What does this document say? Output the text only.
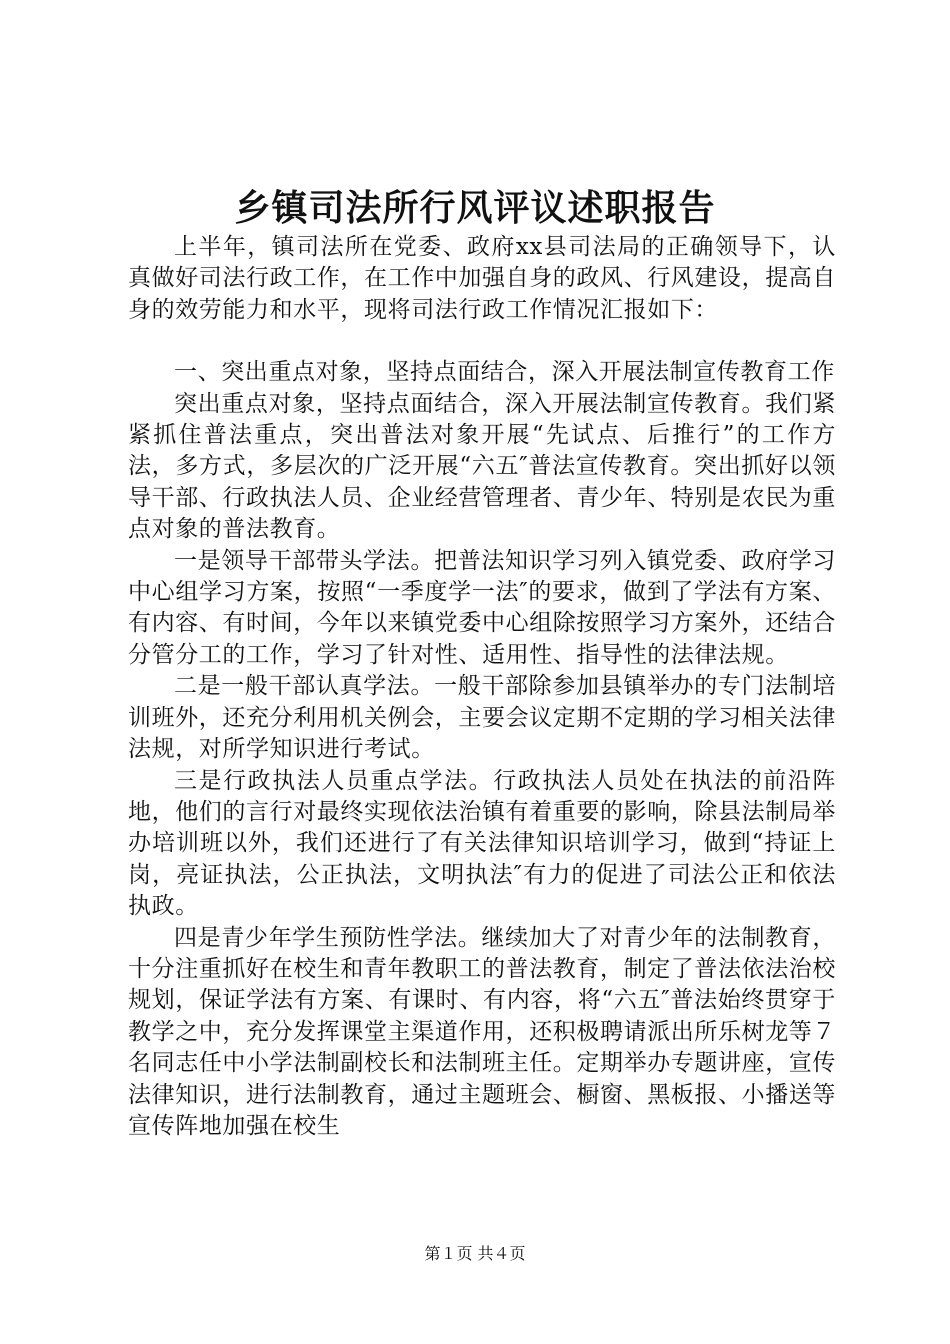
乡镇司法所行风评议述职报告

上半年，镇司法所在党委、政府xx县司法局的正确领导下，认真做好司法行政工作，在工作中加强自身的政风、行风建设，提高自身的效劳能力和水平，现将司法行政工作情况汇报如下：

一、突出重点对象，坚持点面结合，深入开展法制宣传教育工作

突出重点对象，坚持点面结合，深入开展法制宣传教育。我们紧紧抓住普法重点，突出普法对象开展“先试点、后推行”的工作方法，多方式，多层次的广泛开展“六五″普法宣传教育。突出抓好以领导干部、行政执法人员、企业经营管理者、青少年、特别是农民为重点对象的普法教育。

一是领导干部带头学法。把普法知识学习列入镇党委、政府学习中心组学习方案，按照“一季度学一法″的要求，做到了学法有方案、有内容、有时间，今年以来镇党委中心组除按照学习方案外，还结合分管分工的工作，学习了针对性、适用性、指导性的法律法规。

二是一般干部认真学法。一般干部除参加县镇举办的专门法制培训班外，还充分利用机关例会，主要会议定期不定期的学习相关法律法规，对所学知识进行考试。

三是行政执法人员重点学法。行政执法人员处在执法的前沿阵地，他们的言行对最终实现依法治镇有着重要的影响，除县法制局举办培训班以外，我们还进行了有关法律知识培训学习，做到“持证上岗，亮证执法，公正执法，文明执法″有力的促进了司法公正和依法执政。

四是青少年学生预防性学法。继续加大了对青少年的法制教育，十分注重抓好在校生和青年教职工的普法教育，制定了普法依法治校规划，保证学法有方案、有课时、有内容，将“六五″普法始终贯穿于教学之中，充分发挥课堂主渠道作用，还积极聘请派出所乐树龙等７名同志任中小学法制副校长和法制班主任。定期举办专题讲座，宣传法律知识，进行法制教育，通过主题班会、橱窗、黑板报、小播送等宣传阵地加强在校生

第１页 共４页
